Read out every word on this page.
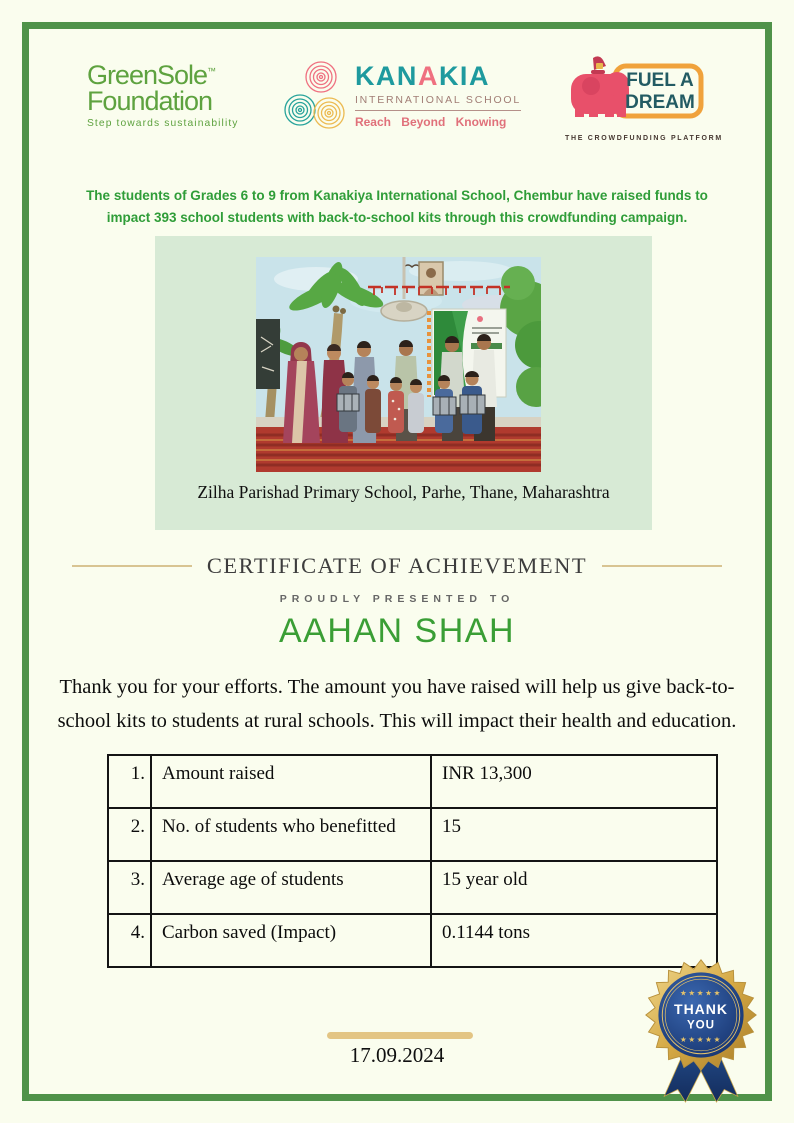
GreenSole™
Foundation
Step towards sustainability
KANAKIA
INTERNATIONAL SCHOOL
Reach Beyond Knowing
FUEL A
DREAM
THE CROWDFUNDING PLATFORM
The students of Grades 6 to 9 from Kanakiya International School, Chembur have raised funds to
impact 393 school students with back-to-school kits through this crowdfunding campaign.
Zilha Parishad Primary School, Parhe, Thane, Maharashtra
CERTIFICATE OF ACHIEVEMENT
PROUDLY PRESENTED TO
AAHAN SHAH
Thank you for your efforts. The amount you have raised will help us give back-to-
school kits to students at rural schools. This will impact their health and education.
1.	Amount raised	INR 13,300
2.	No. of students who benefitted	15
3.	Average age of students	15 year old
4.	Carbon saved (Impact)	0.1144 tons
17.09.2024
★★★★★
THANK
YOU
★★★★★
